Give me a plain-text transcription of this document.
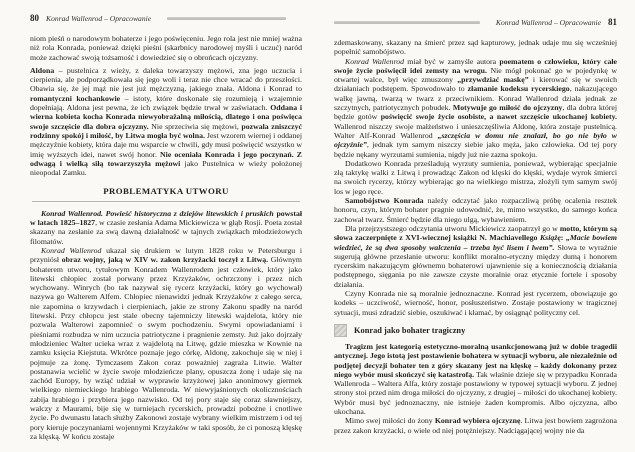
80 Konrad Wallenrod – Opracowanie

niom pieśń o narodowym bohaterze i jego poświęceniu. Jego rola jest nie mniej ważna niż rola Konrada, ponieważ dzięki pieśni (skarbnicy narodowej myśli i uczuć) naród może zachować swoją tożsamość i dowiedzieć się o obrońcach ojczyzny.

Aldona – pustelnica z wieży, z daleka towarzyszy mężowi, zna jego uczucia i cierpienia, ale podporządkowała się jego woli i teraz nie chce wracać do przeszłości. Obawia się, że jej mąż nie jest już mężczyzną, jakiego znała. Aldona i Konrad to romantyczni kochankowie – istoty, które doskonale się rozumieją i wzajemnie dopełniają. Aldona jest pewna, że ich związek będzie trwał w zaświatach. Oddana i wierna kobieta kocha Konrada niewyobrażalną miłością, dlatego i ona poświęca swoje szczęście dla dobra ojczyzny. Nie sprzeciwia się mężowi, pozwala zniszczyć rodzinny spokój i miłość, by Litwa mogła być wolna. Jest wzorem wiernej i oddanej mężczyźnie kobiety, która daje mu wsparcie w chwili, gdy musi poświęcić wszystko w imię wyższych idei, nawet swój honor. Nie oceniała Konrada i jego poczynań. Z odwagą i wielką siłą towarzyszyła mężowi jako Pustelnica w wieży położonej nieopodal Zamku.

PROBLEMATYKA UTWORU

Konrad Wallenrod. Powieść historyczna z dziejów litewskich i pruskich powstał w latach 1825–1827, w czasie zesłania Adama Mickiewicza w głąb Rosji. Poeta został skazany na zesłanie za swą dawną działalność w tajnych związkach młodzieżowych filomatów.

Konrad Wallenrod ukazał się drukiem w lutym 1828 roku w Petersburgu i przyniósł obraz wojny, jaką w XIV w. zakon krzyżacki toczył z Litwą. Głównym bohaterem utworu, tytułowym Konradem Wallenrodem jest człowiek, który jako litewski chłopiec został porwany przez Krzyżaków, ochrzczony i przez nich wychowany. Winrych (bo tak nazywał się rycerz krzyżacki, który go wychował) nazywa go Walterem Alfem. Chłopiec nienawidzi jednak Krzyżaków z całego serca, nie zapomina o krzywdach i cierpieniach, jakie ze strony Zakonu spadły na naród litewski. Przy chłopcu jest stale obecny tajemniczy litewski wajdelota, który nie pozwala Walterowi zapomnieć o swym pochodzeniu. Swymi opowiadaniami i pieśniami rozbudza w nim uczucia patriotyczne i pragnienie zemsty. Już jako dojrzały młodzieniec Walter ucieka wraz z wajdelotą na Litwę, gdzie mieszka w Kownie na zamku księcia Kiejstuta. Wkrótce poznaje jego córkę, Aldonę, zakochuje się w niej i pojmuje za żonę. Tymczasem Zakon coraz poważniej zagraża Litwie. Walter postanawia wcielić w życie swoje młodzieńcze plany, opuszcza żonę i udaje się na zachód Europy, by wziąć udział w wyprawie krzyżowej jako anonimowy giermek wielkiego niemieckiego hrabiego Wallenroda. W niewyjaśnionych okolicznościach zabija hrabiego i przybiera jego nazwisko. Od tej pory staje się coraz sławniejszy, walczy z Maurami, bije się w turniejach rycerskich, prowadzi pobożne i cnotliwe życie. Po dwunastu latach służby Zakonowi zostaje wybrany wielkim mistrzem i od tej pory kieruje poczynaniami wojennymi Krzyżaków w taki sposób, że ci ponoszą klęskę za klęską. W końcu zostaje

Konrad Wallenrod – Opracowanie 81

zdemaskowany, skazany na śmierć przez sąd kapturowy, jednak udaje mu się wcześniej popełnić samobójstwo.

Konrad Wallenrod miał być w zamyśle autora poematem o człowieku, który całe swoje życie poświęcił idei zemsty na wrogu. Nie mógł pokonać go w pojedynkę w otwartej walce, był więc zmuszony „przywdziać maskę” i kierować się w swoich działaniach podstępem. Spowodowało to złamanie kodeksu rycerskiego, nakazującego walkę jawną, twarzą w twarz z przeciwnikiem. Konrad Wallenrod działa jednak ze szczytnych, patriotycznych pobudek. Motywuje go miłość do ojczyzny, dla dobra której będzie gotów poświęcić swoje życie osobiste, a nawet szczęście ukochanej kobiety. Wallenrod niszczy swoje małżeństwo i unieszczęśliwia Aldonę, która zostaje pustelnicą. Walter Alf-Konrad Wallenrod „szczęścia w domu nie znalazł, bo go nie było w ojczyźnie”, jednak tym samym niszczy siebie jako męża, jako człowieka. Od tej pory będzie nękany wyrzutami sumienia, nigdy już nie zazna spokoju.

Dodatkowo Konrada prześladują wyrzuty sumienia, ponieważ, wybierając specjalnie złą taktykę walki z Litwą i prowadząc Zakon od klęski do klęski, wydaje wyrok śmierci na swoich rycerzy, którzy wybierając go na wielkiego mistrza, złożyli tym samym swój los w jego ręce.

Samobójstwo Konrada należy odczytać jako rozpaczliwą próbę ocalenia resztek honoru, czyn, którym bohater pragnie udowodnić, że, mimo wszystko, do samego końca zachował twarz. Śmierć będzie dla niego ulgą, wybawieniem.

Dla przejrzystszego odczytania utworu Mickiewicz zaopatrzył go w motto, którym są słowa zaczerpnięte z XVI-wiecznej książki N. Machiavellego Książę: „Macie bowiem wiedzieć, że są dwa sposoby walczenia – trzeba być lisem i lwem”. Słowa te wyraźnie sugerują główne przesłanie utworu: konflikt moralno-etyczny między dumą i honorem rycerskim nakazującym głównemu bohaterowi ujawnienie się a koniecznością działania podstępnego, sięgania po nie zawsze czyste moralnie oraz etycznie fortele i sposoby działania.

Czyny Konrada nie są moralnie jednoznaczne. Konrad jest rycerzem, obowiązuje go kodeks – uczciwość, wierność, honor, posłuszeństwo. Zostaje postawiony w tragicznej sytuacji, musi zdradzić siebie, oszukiwać i kłamać, by osiągnąć polityczny cel.

Konrad jako bohater tragiczny

Tragizm jest kategorią estetyczno-moralną usankcjonowaną już w dobie tragedii antycznej. Jego istotą jest postawienie bohatera w sytuacji wyboru, ale niezależnie od podjętej decyzji bohater ten z góry skazany jest na klęskę – każdy dokonany przez niego wybór musi skończyć się katastrofą. Tak właśnie dzieje się w przypadku Konrada Wallenroda – Waltera Alfa, który zostaje postawiony w typowej sytuacji wyboru. Z jednej strony stoi przed nim droga miłości do ojczyzny, z drugiej – miłości do ukochanej kobiety. Wybór musi być jednoznaczny, nie istnieje żaden kompromis. Albo ojczyzna, albo ukochana.

Mimo swej miłości do żony Konrad wybiera ojczyznę. Litwa jest bowiem zagrożona przez zakon krzyżacki, o wiele od niej potężniejszy. Nadciągającej wojny nie da
